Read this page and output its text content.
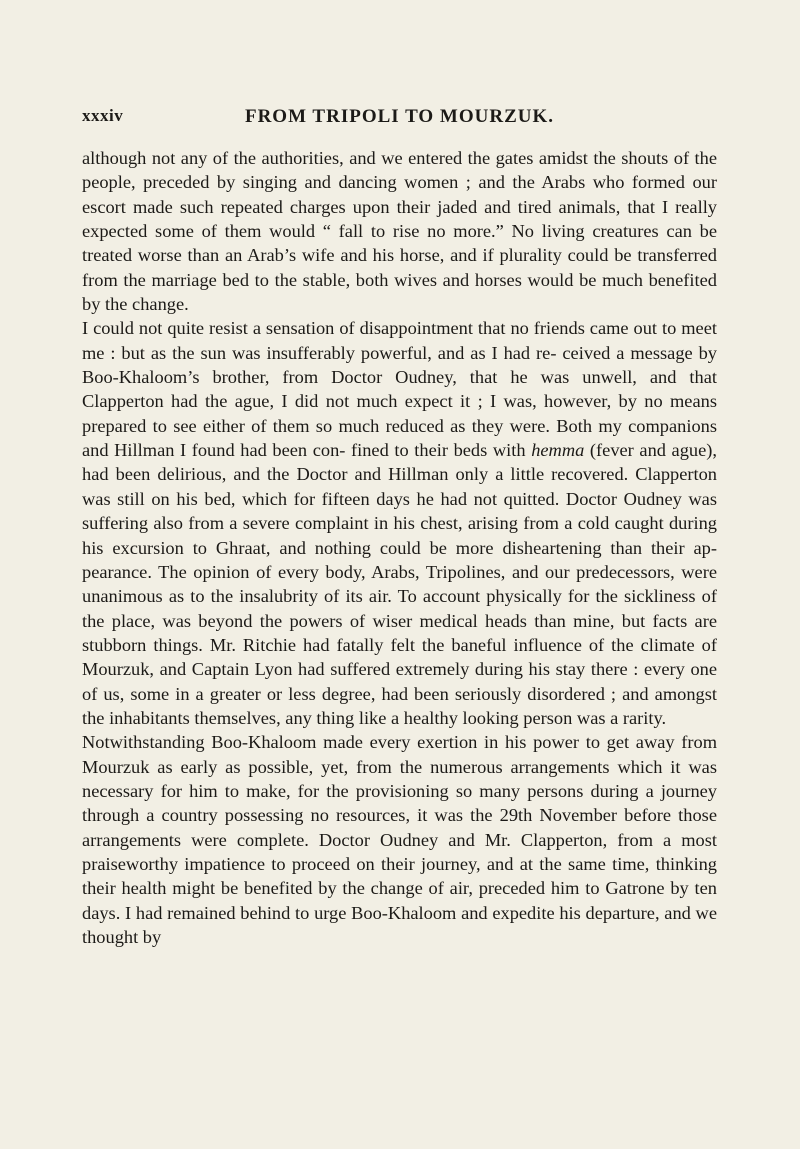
xxxiv	FROM TRIPOLI TO MOURZUK.

although not any of the authorities, and we entered the gates amidst the shouts of the people, preceded by singing and dancing women ; and the Arabs who formed our escort made such repeated charges upon their jaded and tired animals, that I really expected some of them would “ fall to rise no more.” No living creatures can be treated worse than an Arab’s wife and his horse, and if plurality could be transferred from the marriage bed to the stable, both wives and horses would be much benefited by the change.

I could not quite resist a sensation of disappointment that no friends came out to meet me : but as the sun was insufferably powerful, and as I had re- ceived a message by Boo-Khaloom’s brother, from Doctor Oudney, that he was unwell, and that Clapperton had the ague, I did not much expect it ; I was, however, by no means prepared to see either of them so much reduced as they were. Both my companions and Hillman I found had been con- fined to their beds with hemma (fever and ague), had been delirious, and the Doctor and Hillman only a little recovered. Clapperton was still on his bed, which for fifteen days he had not quitted. Doctor Oudney was suffering also from a severe complaint in his chest, arising from a cold caught during his excursion to Ghraat, and nothing could be more disheartening than their ap- pearance. The opinion of every body, Arabs, Tripolines, and our predecessors, were unanimous as to the insalubrity of its air. To account physically for the sickliness of the place, was beyond the powers of wiser medical heads than mine, but facts are stubborn things. Mr. Ritchie had fatally felt the baneful influence of the climate of Mourzuk, and Captain Lyon had suffered extremely during his stay there : every one of us, some in a greater or less degree, had been seriously disordered ; and amongst the inhabitants themselves, any thing like a healthy looking person was a rarity.

Notwithstanding Boo-Khaloom made every exertion in his power to get away from Mourzuk as early as possible, yet, from the numerous arrangements which it was necessary for him to make, for the provisioning so many persons during a journey through a country possessing no resources, it was the 29th November before those arrangements were complete. Doctor Oudney and Mr. Clapperton, from a most praiseworthy impatience to proceed on their journey, and at the same time, thinking their health might be benefited by the change of air, preceded him to Gatrone by ten days. I had remained behind to urge Boo-Khaloom and expedite his departure, and we thought by
